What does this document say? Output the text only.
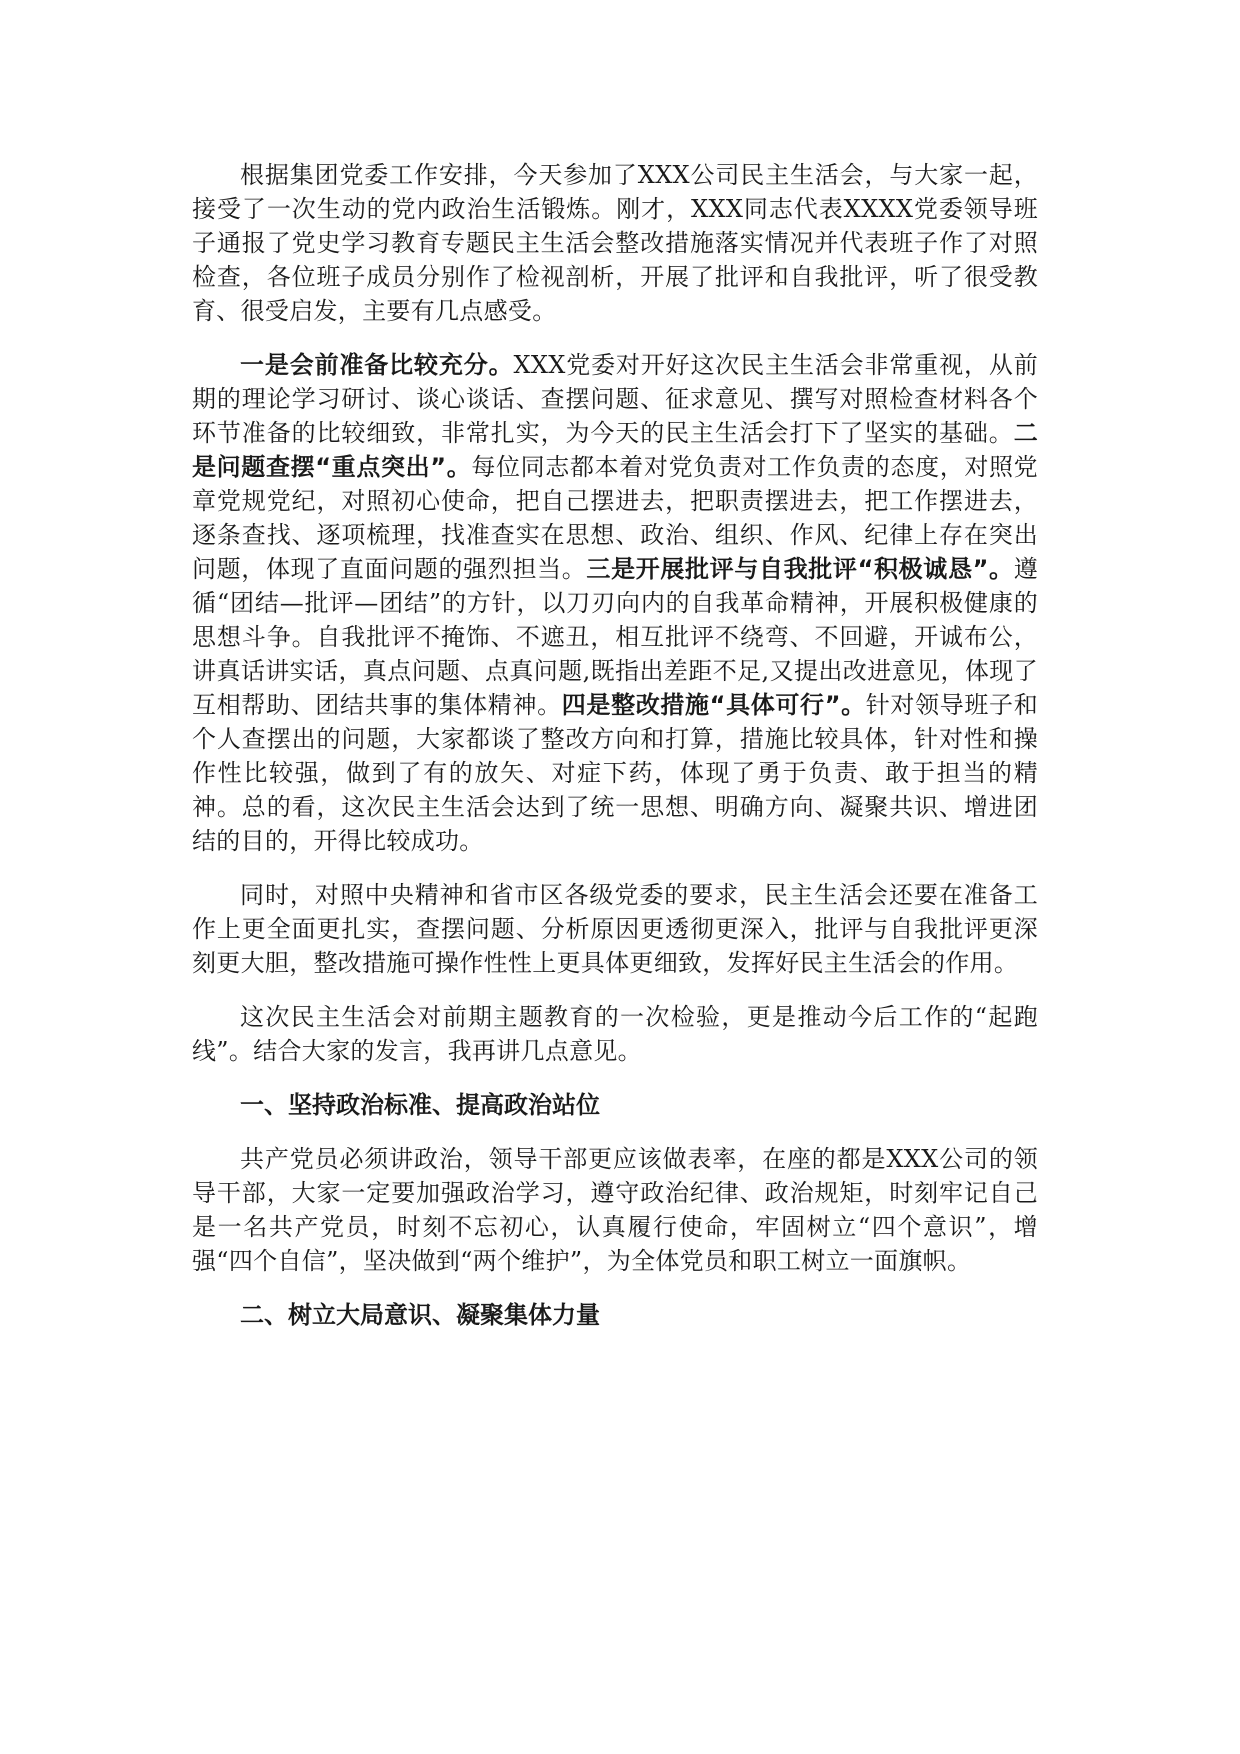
根据集团党委工作安排，今天参加了XXX公司民主生活会，与大家一起，接受了一次生动的党内政治生活锻炼。刚才，XXX同志代表XXXX党委领导班子通报了党史学习教育专题民主生活会整改措施落实情况并代表班子作了对照检查，各位班子成员分别作了检视剖析，开展了批评和自我批评，听了很受教育、很受启发，主要有几点感受。

一是会前准备比较充分。XXX党委对开好这次民主生活会非常重视，从前期的理论学习研讨、谈心谈话、查摆问题、征求意见、撰写对照检查材料各个环节准备的比较细致，非常扎实，为今天的民主生活会打下了坚实的基础。二是问题查摆“重点突出”。每位同志都本着对党负责对工作负责的态度，对照党章党规党纪，对照初心使命，把自己摆进去，把职责摆进去，把工作摆进去，逐条查找、逐项梳理，找准查实在思想、政治、组织、作风、纪律上存在突出问题，体现了直面问题的强烈担当。三是开展批评与自我批评“积极诚恳”。遵循“团结—批评—团结”的方针，以刀刃向内的自我革命精神，开展积极健康的思想斗争。自我批评不掩饰、不遮丑，相互批评不绕弯、不回避，开诚布公，讲真话讲实话，真点问题、点真问题,既指出差距不足,又提出改进意见，体现了互相帮助、团结共事的集体精神。四是整改措施“具体可行”。针对领导班子和个人查摆出的问题，大家都谈了整改方向和打算，措施比较具体，针对性和操作性比较强，做到了有的放矢、对症下药，体现了勇于负责、敢于担当的精神。总的看，这次民主生活会达到了统一思想、明确方向、凝聚共识、增进团结的目的，开得比较成功。

同时，对照中央精神和省市区各级党委的要求，民主生活会还要在准备工作上更全面更扎实，查摆问题、分析原因更透彻更深入，批评与自我批评更深刻更大胆，整改措施可操作性性上更具体更细致，发挥好民主生活会的作用。

这次民主生活会对前期主题教育的一次检验，更是推动今后工作的“起跑线”。结合大家的发言，我再讲几点意见。

一、坚持政治标准、提高政治站位

共产党员必须讲政治，领导干部更应该做表率，在座的都是XXX公司的领导干部，大家一定要加强政治学习，遵守政治纪律、政治规矩，时刻牢记自己是一名共产党员，时刻不忘初心，认真履行使命，牢固树立“四个意识”，增强“四个自信”，坚决做到“两个维护”，为全体党员和职工树立一面旗帜。

二、树立大局意识、凝聚集体力量
